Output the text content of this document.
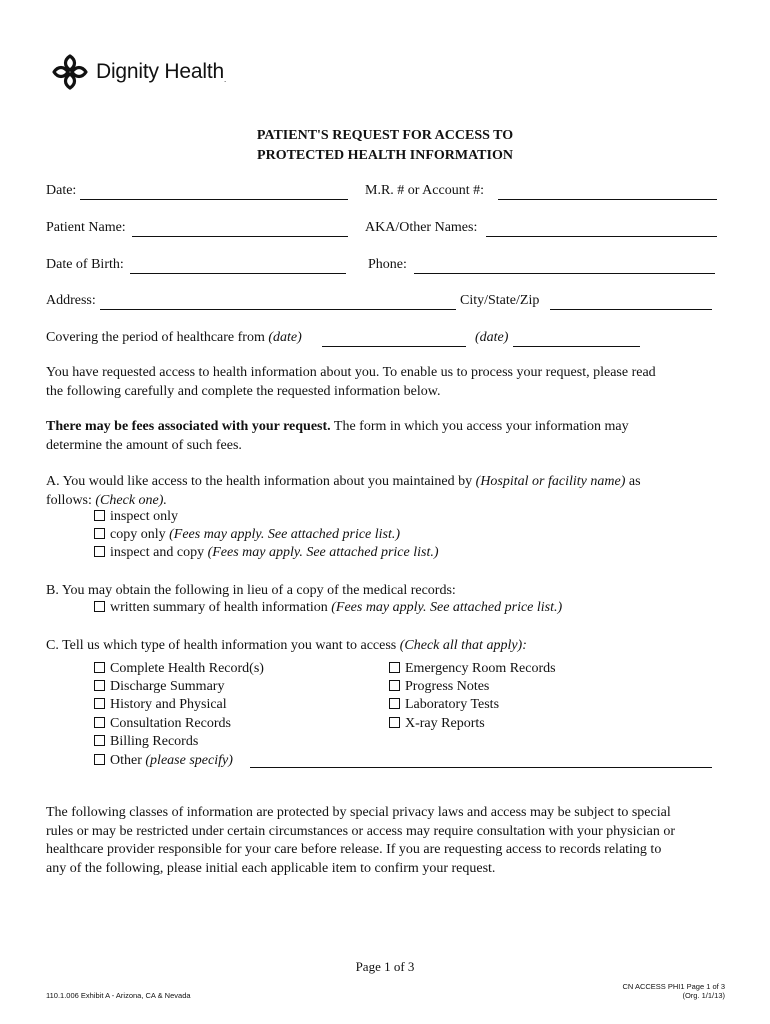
Dignity Health.
PATIENT'S REQUEST FOR ACCESS TO
PROTECTED HEALTH INFORMATION
Date:	M.R. # or Account #:
Patient Name:	AKA/Other Names:
Date of Birth:	Phone:
Address:	City/State/Zip
Covering the period of healthcare from (date)	(date)
You have requested access to health information about you. To enable us to process your request, please read
the following carefully and complete the requested information below.
There may be fees associated with your request. The form in which you access your information may
determine the amount of such fees.
A. You would like access to the health information about you maintained by (Hospital or facility name) as
follows: (Check one).
inspect only
copy only (Fees may apply. See attached price list.)
inspect and copy (Fees may apply. See attached price list.)
B. You may obtain the following in lieu of a copy of the medical records:
written summary of health information (Fees may apply. See attached price list.)
C. Tell us which type of health information you want to access (Check all that apply):
Complete Health Record(s)
Discharge Summary
History and Physical
Consultation Records
Billing Records
Emergency Room Records
Progress Notes
Laboratory Tests
X-ray Reports
Other (please specify)
The following classes of information are protected by special privacy laws and access may be subject to special
rules or may be restricted under certain circumstances or access may require consultation with your physician or
healthcare provider responsible for your care before release. If you are requesting access to records relating to
any of the following, please initial each applicable item to confirm your request.
Page 1 of 3
110.1.006 Exhibit A - Arizona, CA & Nevada
CN ACCESS PHI1 Page 1 of 3
(Org. 1/1/13)
